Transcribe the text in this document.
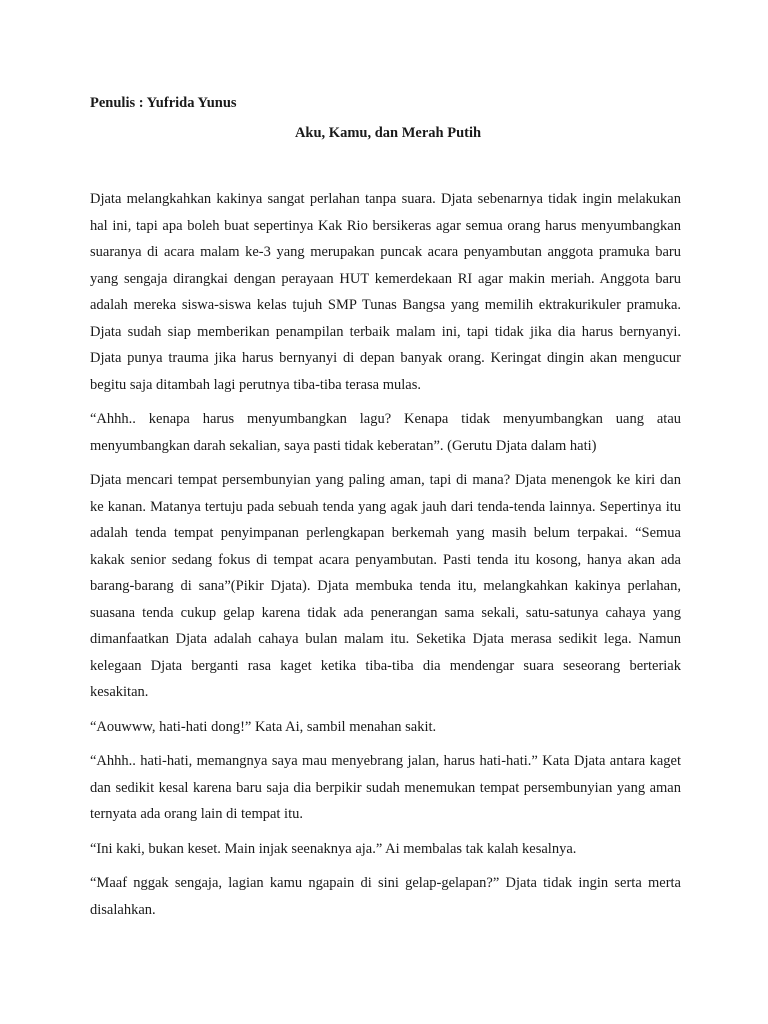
Penulis : Yufrida Yunus

Aku, Kamu, dan Merah Putih

Djata melangkahkan kakinya sangat perlahan tanpa suara. Djata sebenarnya tidak ingin melakukan hal ini, tapi apa boleh buat sepertinya Kak Rio bersikeras agar semua orang harus menyumbangkan suaranya di acara malam ke-3 yang merupakan puncak acara penyambutan anggota pramuka baru yang sengaja dirangkai dengan perayaan HUT kemerdekaan RI agar makin meriah. Anggota baru adalah mereka siswa-siswa kelas tujuh SMP Tunas Bangsa yang memilih ektrakurikuler pramuka. Djata sudah siap memberikan penampilan terbaik malam ini, tapi tidak jika dia harus bernyanyi. Djata punya trauma jika harus bernyanyi di depan banyak orang. Keringat dingin akan mengucur begitu saja ditambah lagi perutnya tiba-tiba terasa mulas.

“Ahhh.. kenapa harus menyumbangkan lagu? Kenapa tidak menyumbangkan uang atau menyumbangkan darah sekalian, saya pasti tidak keberatan”. (Gerutu Djata dalam hati)

Djata mencari tempat persembunyian yang paling aman, tapi di mana? Djata menengok ke kiri dan ke kanan. Matanya tertuju pada sebuah tenda yang agak jauh dari tenda-tenda lainnya. Sepertinya itu adalah tenda tempat penyimpanan perlengkapan berkemah yang masih belum terpakai. “Semua kakak senior sedang fokus di tempat acara penyambutan. Pasti tenda itu kosong, hanya akan ada barang-barang di sana”(Pikir Djata). Djata membuka tenda itu, melangkahkan kakinya perlahan, suasana tenda cukup gelap karena tidak ada penerangan sama sekali, satu-satunya cahaya yang dimanfaatkan Djata adalah cahaya bulan malam itu. Seketika Djata merasa sedikit lega. Namun kelegaan Djata berganti rasa kaget ketika tiba-tiba dia mendengar suara seseorang berteriak kesakitan.

“Aouwww, hati-hati dong!” Kata Ai, sambil menahan sakit.

“Ahhh.. hati-hati, memangnya saya mau menyebrang jalan, harus hati-hati.” Kata Djata antara kaget dan sedikit kesal karena baru saja dia berpikir sudah menemukan tempat persembunyian yang aman ternyata ada orang lain di tempat itu.

“Ini kaki, bukan keset. Main injak seenaknya aja.” Ai membalas tak kalah kesalnya.

“Maaf nggak sengaja, lagian kamu ngapain di sini gelap-gelapan?” Djata tidak ingin serta merta disalahkan.
